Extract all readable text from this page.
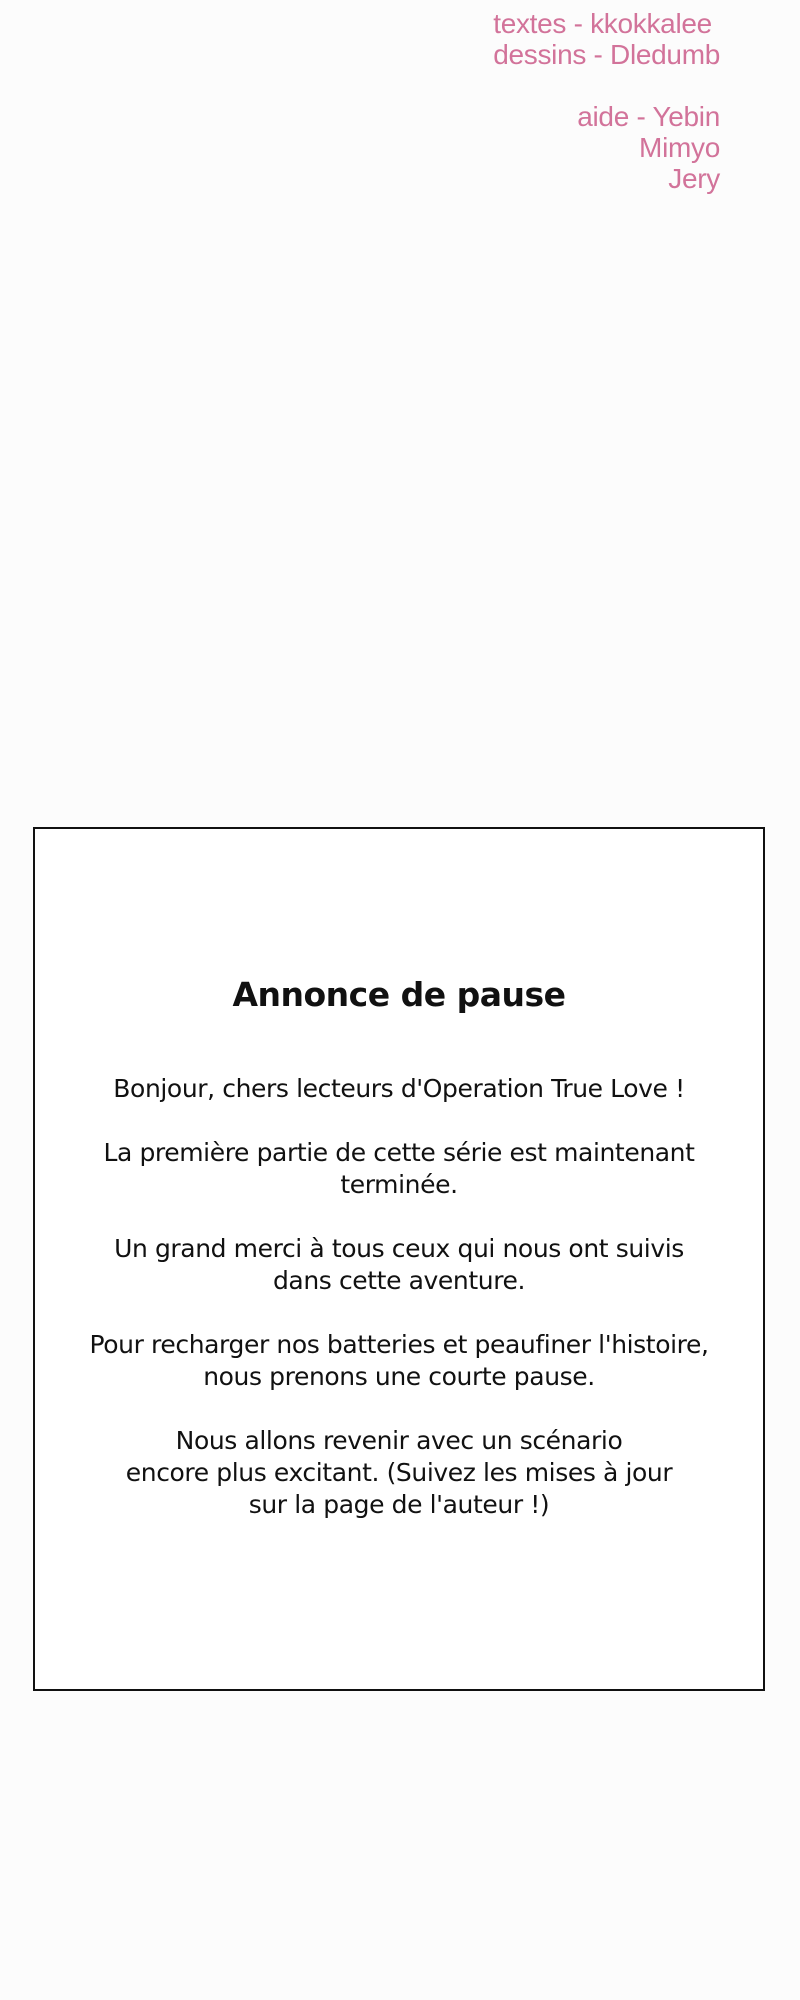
textes - kkokkalee
dessins - Dledumb
aide - Yebin
Mimyo
Jery
Annonce de pause

Bonjour, chers lecteurs d'Operation True Love !

La première partie de cette série est maintenant
terminée.

Un grand merci à tous ceux qui nous ont suivis
dans cette aventure.

Pour recharger nos batteries et peaufiner l'histoire,
nous prenons une courte pause.

Nous allons revenir avec un scénario
encore plus excitant. (Suivez les mises à jour
sur la page de l'auteur !)
